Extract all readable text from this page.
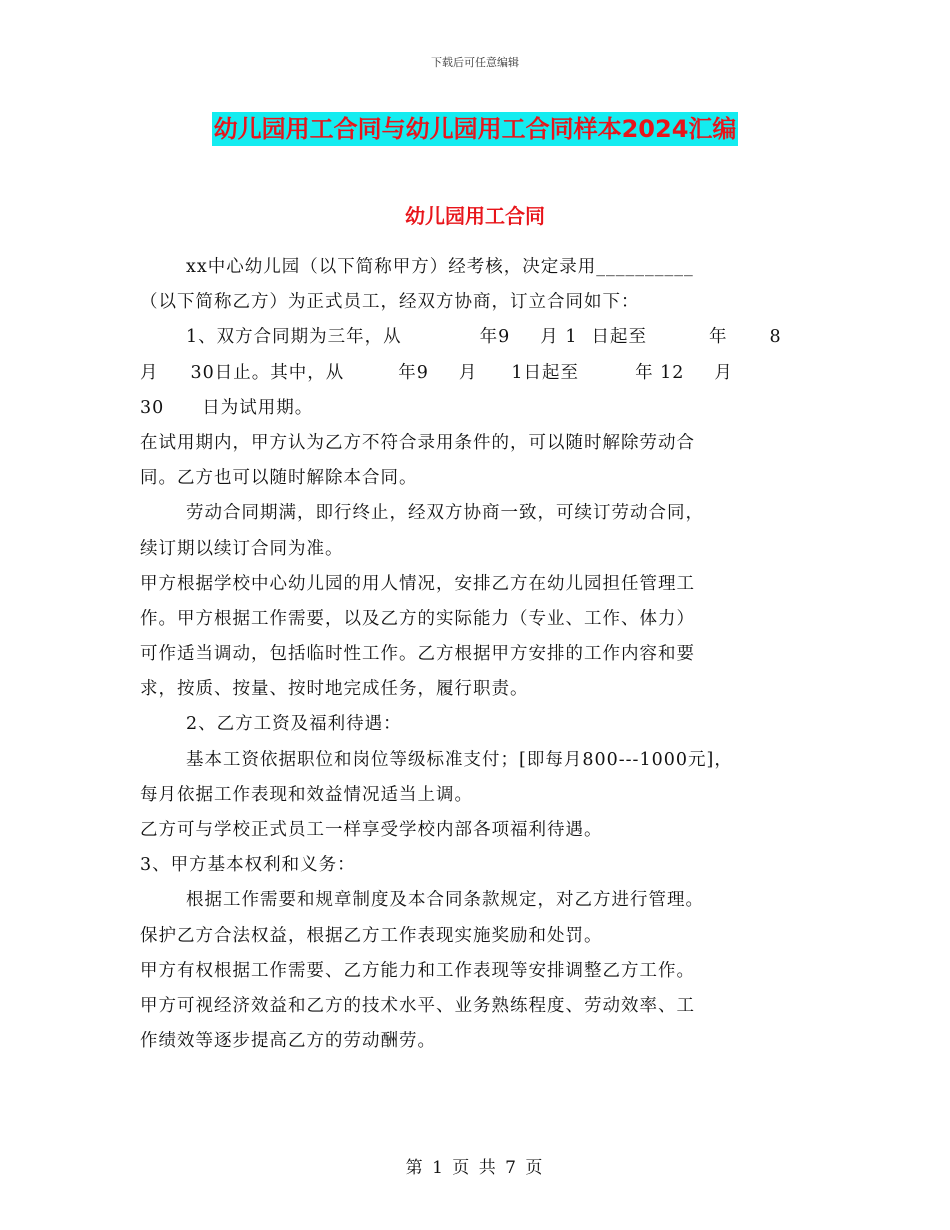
下载后可任意编辑
幼儿园用工合同与幼儿园用工合同样本2024汇编
幼儿园用工合同
xx中心幼儿园（以下简称甲方）经考核，决定录用__________
（以下简称乙方）为正式员工，经双方协商，订立合同如下：
1、双方合同期为三年，从	年9 月 1 日起至	年 8
月 30日止。其中，从	年9 月 1日起至	年 12 月
30 日为试用期。
在试用期内，甲方认为乙方不符合录用条件的，可以随时解除劳动合
同。乙方也可以随时解除本合同。
劳动合同期满，即行终止，经双方协商一致，可续订劳动合同，
续订期以续订合同为准。
甲方根据学校中心幼儿园的用人情况，安排乙方在幼儿园担任管理工
作。甲方根据工作需要，以及乙方的实际能力（专业、工作、体力）
可作适当调动，包括临时性工作。乙方根据甲方安排的工作内容和要
求，按质、按量、按时地完成任务，履行职责。
2、乙方工资及福利待遇：
基本工资依据职位和岗位等级标准支付；[即每月800---1000元]，
每月依据工作表现和效益情况适当上调。
乙方可与学校正式员工一样享受学校内部各项福利待遇。
3、甲方基本权利和义务：
根据工作需要和规章制度及本合同条款规定，对乙方进行管理。
保护乙方合法权益，根据乙方工作表现实施奖励和处罚。
甲方有权根据工作需要、乙方能力和工作表现等安排调整乙方工作。
甲方可视经济效益和乙方的技术水平、业务熟练程度、劳动效率、工
作绩效等逐步提高乙方的劳动酬劳。
第 1 页 共 7 页
